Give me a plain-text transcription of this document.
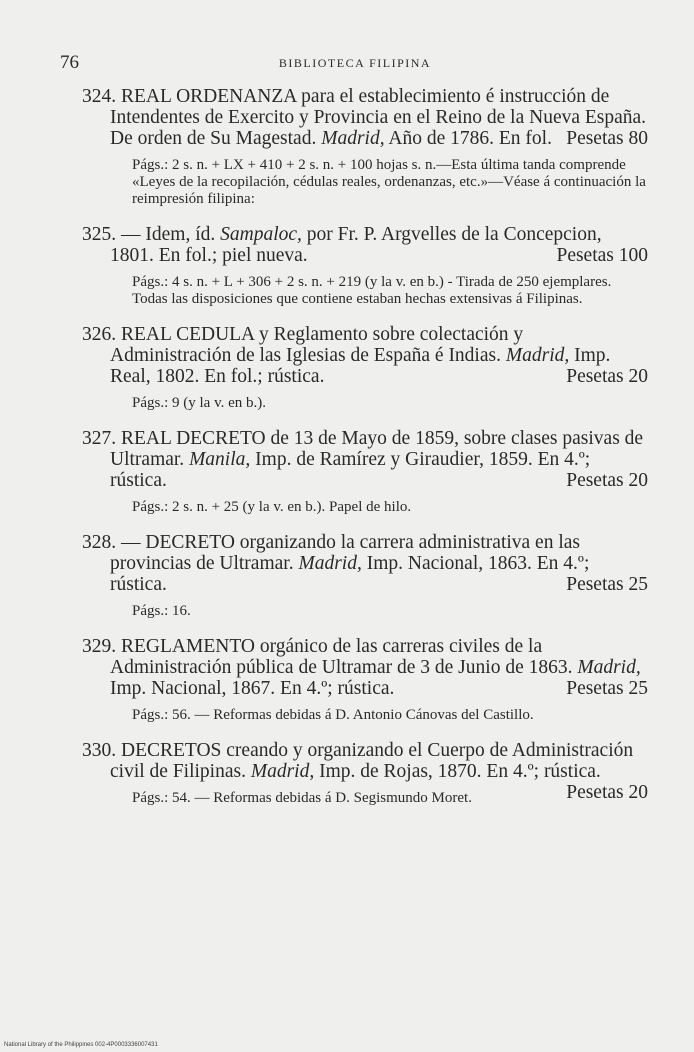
76	BIBLIOTECA FILIPINA

324. REAL ORDENANZA para el establecimiento é instrucción de Intendentes de Exercito y Provincia en el Reino de la Nueva España. De orden de Su Magestad. Madrid, Año de 1786. En fol. Pesetas 80

Págs.: 2 s. n. + LX + 410 + 2 s. n. + 100 hojas s. n.—Esta última tanda comprende «Leyes de la recopilación, cédulas reales, ordenanzas, etc.»—Véase á continuación la reimpresión filipina:

325. — Idem, íd. Sampaloc, por Fr. P. Argvelles de la Concepcion, 1801. En fol.; piel nueva.	Pesetas 100

Págs.: 4 s. n. + L + 306 + 2 s. n. + 219 (y la v. en b.) - Tirada de 250 ejemplares.

Todas las disposiciones que contiene estaban hechas extensivas á Filipinas.

326. REAL CEDULA y Reglamento sobre colectación y Administración de las Iglesias de España é Indias. Madrid, Imp. Real, 1802. En fol.; rústica.	Pesetas 20

Págs.: 9 (y la v. en b.).

327. REAL DECRETO de 13 de Mayo de 1859, sobre clases pasivas de Ultramar. Manila, Imp. de Ramírez y Giraudier, 1859. En 4.º; rústica.	Pesetas 20

Págs.: 2 s. n. + 25 (y la v. en b.). Papel de hilo.

328. — DECRETO organizando la carrera administrativa en las provincias de Ultramar. Madrid, Imp. Nacional, 1863. En 4.º; rústica.	Pesetas 25

Págs.: 16.

329. REGLAMENTO orgánico de las carreras civiles de la Administración pública de Ultramar de 3 de Junio de 1863. Madrid, Imp. Nacional, 1867. En 4.º; rústica.	Pesetas 25

Págs.: 56. — Reformas debidas á D. Antonio Cánovas del Castillo.

330. DECRETOS creando y organizando el Cuerpo de Administración civil de Filipinas. Madrid, Imp. de Rojas, 1870. En 4.º; rústica.
Pesetas 20

Págs.: 54. — Reformas debidas á D. Segismundo Moret.

National Library of the Philippines 002-4P0003336007431
